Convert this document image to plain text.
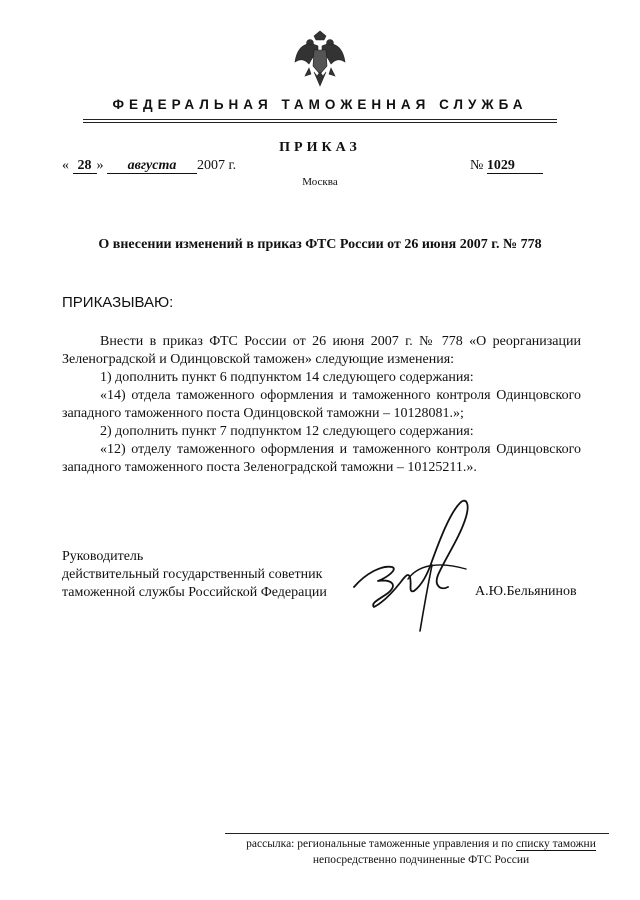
ФЕДЕРАЛЬНАЯ ТАМОЖЕННАЯ СЛУЖБА
ПРИКАЗ
« 28 » августа 2007 г.	№ 1029
Москва
О внесении изменений в приказ ФТС России от 26 июня 2007 г. № 778
ПРИКАЗЫВАЮ:

Внести в приказ ФТС России от 26 июня 2007 г. № 778 «О реорганизации Зеленоградской и Одинцовской таможен» следующие изменения:

1) дополнить пункт 6 подпунктом 14 следующего содержания:

«14) отдела таможенного оформления и таможенного контроля Одинцовского западного таможенного поста Одинцовской таможни – 10128081.»;

2) дополнить пункт 7 подпунктом 12 следующего содержания:

«12) отделу таможенного оформления и таможенного контроля Одинцовского западного таможенного поста Зеленоградской таможни – 10125211.».

Руководитель
действительный государственный советник
таможенной службы Российской Федерации	А.Ю.Бельянинов
рассылка: региональные таможенные управления и по списку таможни
непосредственно подчиненные ФТС России
